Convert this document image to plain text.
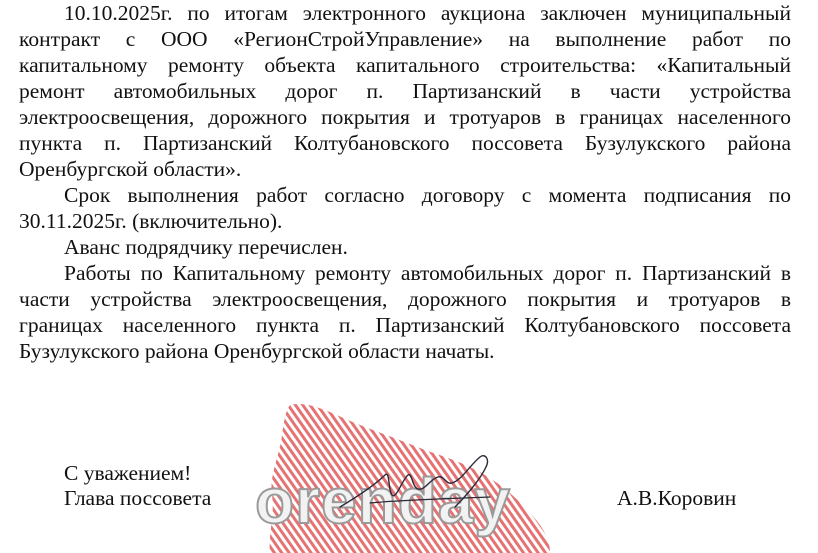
10.10.2025г. по итогам электронного аукциона заключен муниципальный
контракт с ООО «РегионСтройУправление» на выполнение работ по
капитальному ремонту объекта капитального строительства: «Капитальный
ремонт автомобильных дорог п. Партизанский в части устройства
электроосвещения, дорожного покрытия и тротуаров в границах населенного
пункта п. Партизанский Колтубановского поссовета Бузулукского района
Оренбургской области».
Срок выполнения работ согласно договору с момента подписания по
30.11.2025г. (включительно).
Аванс подрядчику перечислен.
Работы по Капитальному ремонту автомобильных дорог п. Партизанский в
части устройства электроосвещения, дорожного покрытия и тротуаров в
границах населенного пункта п. Партизанский Колтубановского поссовета
Бузулукского района Оренбургской области начаты.
orenday
С уважением!
Глава поссовета	А.В.Коровин
